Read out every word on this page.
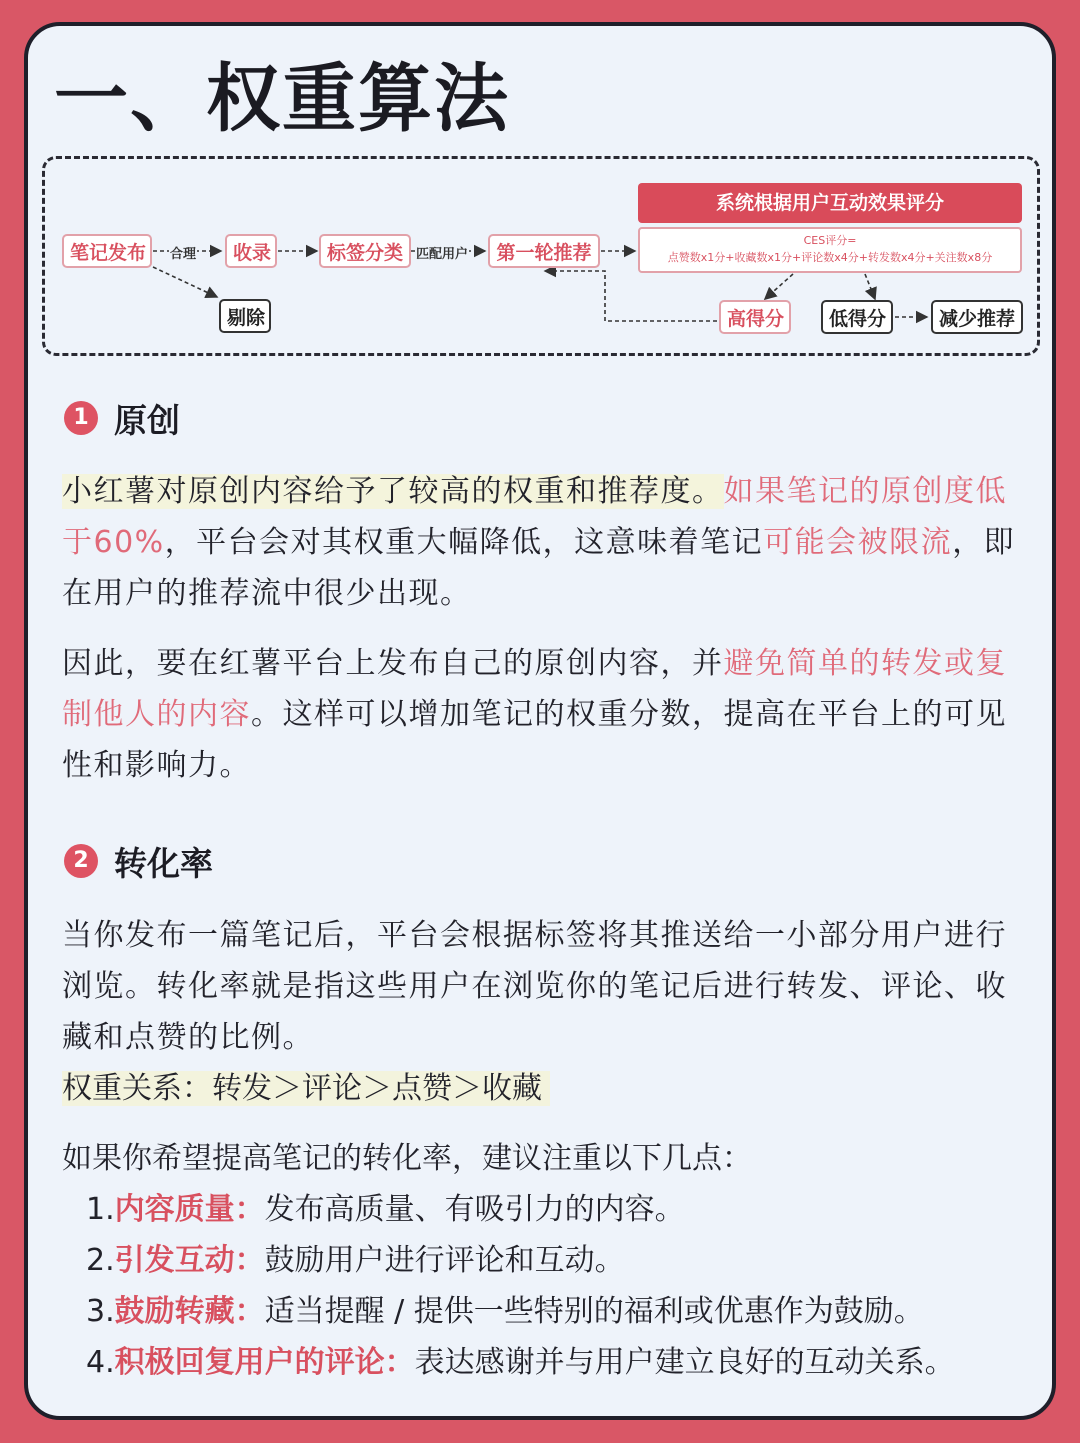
一、权重算法
笔记发布	合理	收录
剔除
标签分类 匹配用户	第一轮推荐
系统根据用户互动效果评分
CES评分=
点赞数x1分+收藏数x1分+评论数x4分+转发数x4分+关注数x8分
高得分	低得分	减少推荐
1 原创

小红薯对原创内容给予了较高的权重和推荐度。如果笔记的原创度低于60%，平台会对其权重大幅降低，这意味着笔记可能会被限流，即在用户的推荐流中很少出现。

因此，要在红薯平台上发布自己的原创内容，并避免简单的转发或复制他人的内容。这样可以增加笔记的权重分数，提高在平台上的可见性和影响力。

2 转化率

当你发布一篇笔记后，平台会根据标签将其推送给一小部分用户进行浏览。转化率就是指这些用户在浏览你的笔记后进行转发、评论、收藏和点赞的比例。

权重关系：转发＞评论＞点赞＞收藏

如果你希望提高笔记的转化率，建议注重以下几点：

1.内容质量：发布高质量、有吸引力的内容。
2.引发互动：鼓励用户进行评论和互动。
3.鼓励转藏：适当提醒 / 提供一些特别的福利或优惠作为鼓励。
4.积极回复用户的评论：表达感谢并与用户建立良好的互动关系。
